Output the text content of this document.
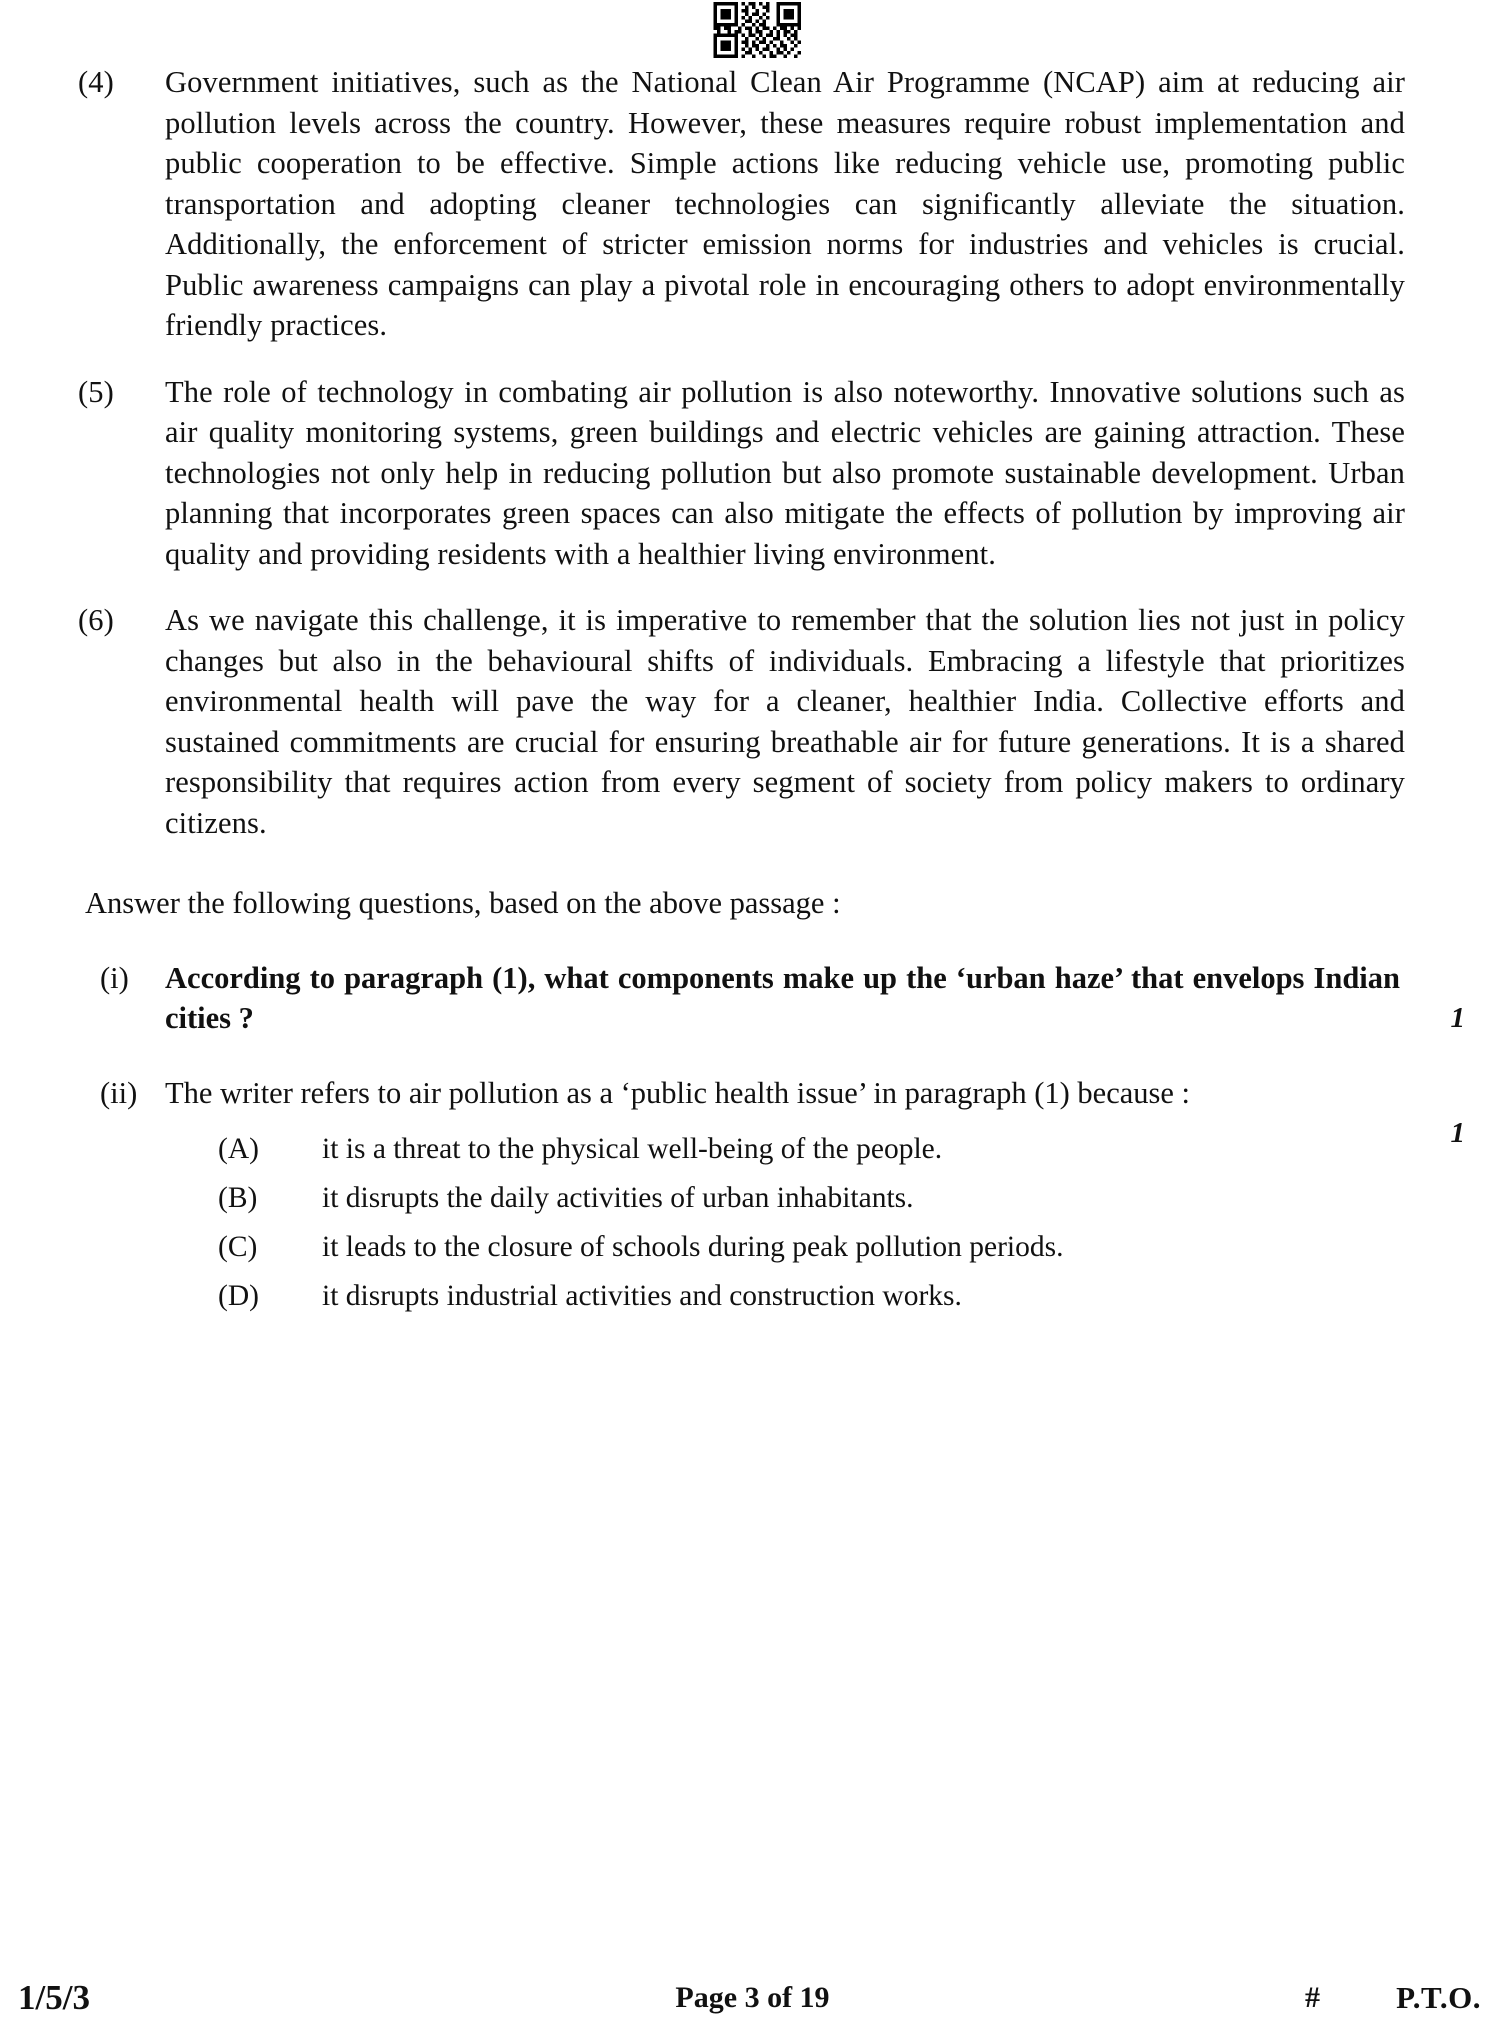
(4)	Government initiatives, such as the National Clean Air Programme (NCAP) aim at reducing air pollution levels across the country. However, these measures require robust implementation and public cooperation to be effective. Simple actions like reducing vehicle use, promoting public transportation and adopting cleaner technologies can significantly alleviate the situation. Additionally, the enforcement of stricter emission norms for industries and vehicles is crucial. Public awareness campaigns can play a pivotal role in encouraging others to adopt environmentally friendly practices.
(5)	The role of technology in combating air pollution is also noteworthy. Innovative solutions such as air quality monitoring systems, green buildings and electric vehicles are gaining attraction. These technologies not only help in reducing pollution but also promote sustainable development. Urban planning that incorporates green spaces can also mitigate the effects of pollution by improving air quality and providing residents with a healthier living environment.
(6)	As we navigate this challenge, it is imperative to remember that the solution lies not just in policy changes but also in the behavioural shifts of individuals. Embracing a lifestyle that prioritizes environmental health will pave the way for a cleaner, healthier India. Collective efforts and sustained commitments are crucial for ensuring breathable air for future generations. It is a shared responsibility that requires action from every segment of society from policy makers to ordinary citizens.
Answer the following questions, based on the above passage :
(i)	According to paragraph (1), what components make up the ‘urban haze’ that envelops Indian cities ?	1
(ii) The writer refers to air pollution as a ‘public health issue’ in paragraph (1) because :
1
(A)	it is a threat to the physical well-being of the people.
(B)	it disrupts the daily activities of urban inhabitants.
(C)	it leads to the closure of schools during peak pollution periods.
(D)	it disrupts industrial activities and construction works.
1/5/3	Page 3 of 19	# P.T.O.
